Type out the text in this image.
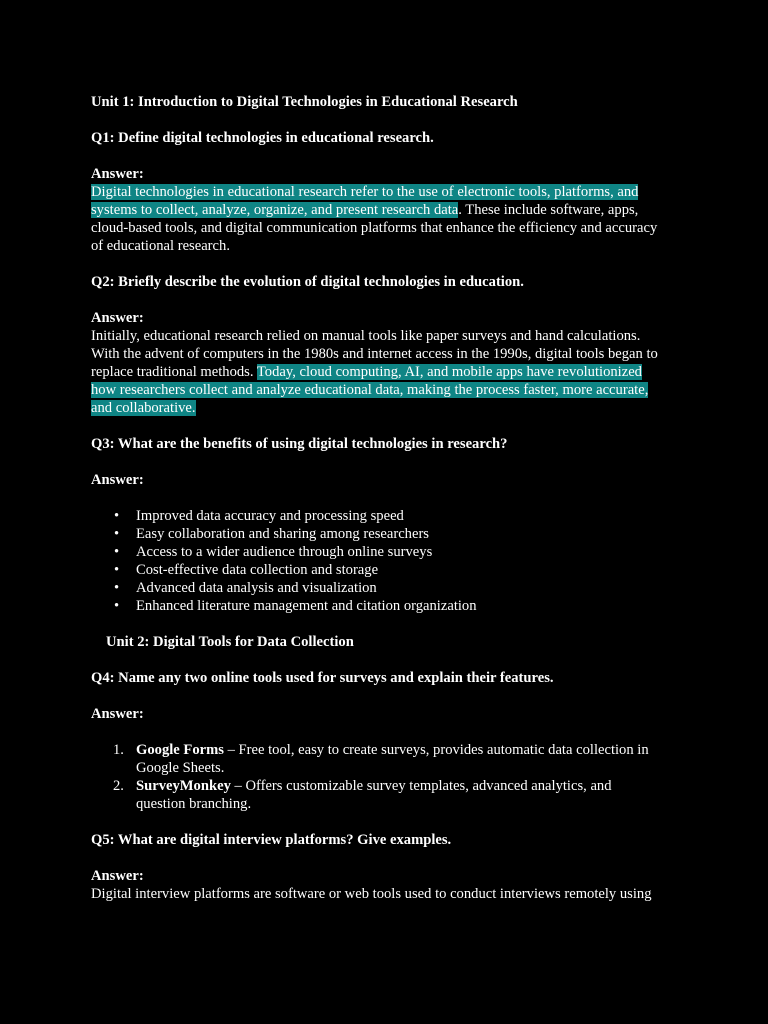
Unit 1: Introduction to Digital Technologies in Educational Research
Q1: Define digital technologies in educational research.
Answer:
Digital technologies in educational research refer to the use of electronic tools, platforms, and
systems to collect, analyze, organize, and present research data. These include software, apps,
cloud-based tools, and digital communication platforms that enhance the efficiency and accuracy
of educational research.
Q2: Briefly describe the evolution of digital technologies in education.
Answer:
Initially, educational research relied on manual tools like paper surveys and hand calculations.
With the advent of computers in the 1980s and internet access in the 1990s, digital tools began to
replace traditional methods. Today, cloud computing, AI, and mobile apps have revolutionized
how researchers collect and analyze educational data, making the process faster, more accurate,
and collaborative.
Q3: What are the benefits of using digital technologies in research?
Answer:
• Improved data accuracy and processing speed
• Easy collaboration and sharing among researchers
• Access to a wider audience through online surveys
• Cost-effective data collection and storage
• Advanced data analysis and visualization
• Enhanced literature management and citation organization
Unit 2: Digital Tools for Data Collection
Q4: Name any two online tools used for surveys and explain their features.
Answer:
1. Google Forms – Free tool, easy to create surveys, provides automatic data collection in
Google Sheets.
2. SurveyMonkey – Offers customizable survey templates, advanced analytics, and
question branching.
Q5: What are digital interview platforms? Give examples.
Answer:
Digital interview platforms are software or web tools used to conduct interviews remotely using
